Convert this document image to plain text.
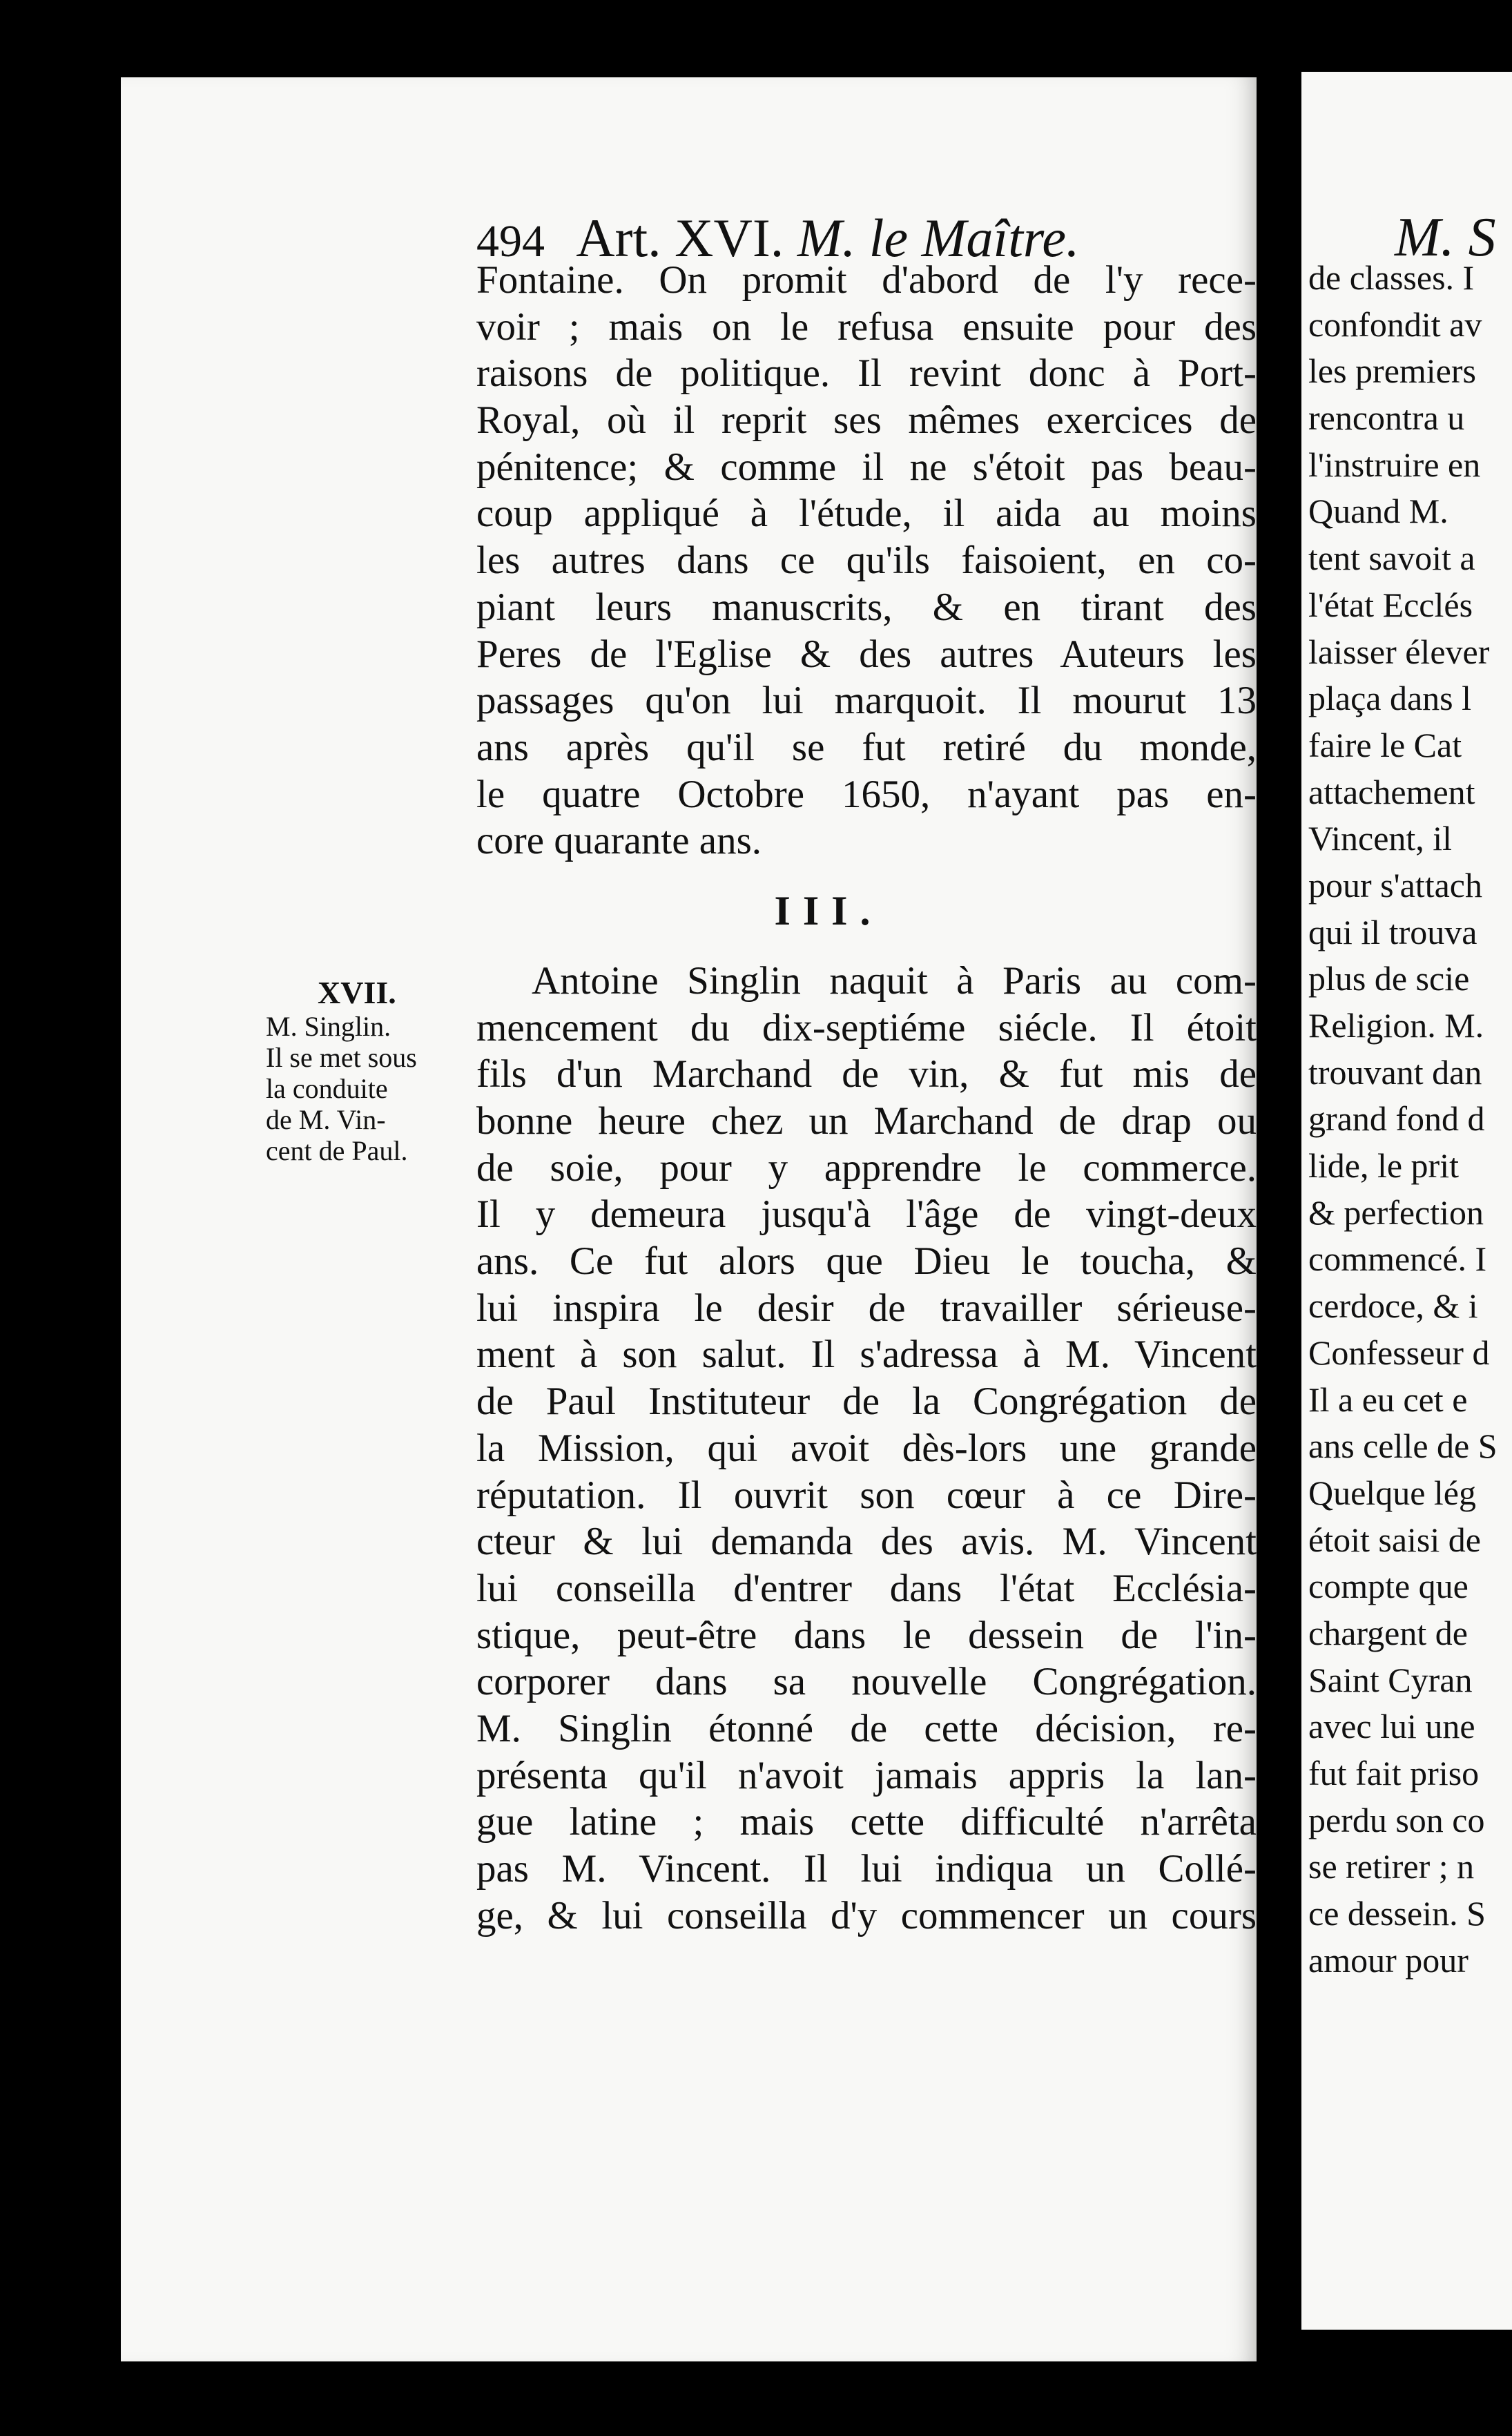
M. S
de classes. I
confondit av
les premiers
rencontra u
l'instruire en
Quand M.
tent savoit a
l'état Ecclés
laisser élever
plaça dans l
faire le Cat
attachement
Vincent, il
pour s'attach
qui il trouva
plus de scie
Religion. M.
trouvant dan
grand fond d
lide, le prit
& perfection
commencé. I
cerdoce, & i
Confesseur d
Il a eu cet e
ans celle de S
Quelque lég
étoit saisi de
compte que
chargent de
Saint Cyran
avec lui une
fut fait priso
perdu son co
se retirer ; n
ce dessein. S
amour pour
494 Art. XVI. M. le Maître.
Fontaine. On promit d'abord de l'y rece-
voir ; mais on le refusa ensuite pour des
raisons de politique. Il revint donc à Port-
Royal, où il reprit ses mêmes exercices de
pénitence; & comme il ne s'étoit pas beau-
coup appliqué à l'étude, il aida au moins
les autres dans ce qu'ils faisoient, en co-
piant leurs manuscrits, & en tirant des
Peres de l'Eglise & des autres Auteurs les
passages qu'on lui marquoit. Il mourut 13
ans après qu'il se fut retiré du monde,
le quatre Octobre 1650, n'ayant pas en-
core quarante ans.
III.
Antoine Singlin naquit à Paris au com-
mencement du dix-septiéme siécle. Il étoit
fils d'un Marchand de vin, & fut mis de
bonne heure chez un Marchand de drap ou
de soie, pour y apprendre le commerce.
Il y demeura jusqu'à l'âge de vingt-deux
ans. Ce fut alors que Dieu le toucha, &
lui inspira le desir de travailler sérieuse-
ment à son salut. Il s'adressa à M. Vincent
de Paul Instituteur de la Congrégation de
la Mission, qui avoit dès-lors une grande
réputation. Il ouvrit son cœur à ce Dire-
cteur & lui demanda des avis. M. Vincent
lui conseilla d'entrer dans l'état Ecclésia-
stique, peut-être dans le dessein de l'in-
corporer dans sa nouvelle Congrégation.
M. Singlin étonné de cette décision, re-
présenta qu'il n'avoit jamais appris la lan-
gue latine ; mais cette difficulté n'arrêta
pas M. Vincent. Il lui indiqua un Collé-
ge, & lui conseilla d'y commencer un cours
XVII.
M. Singlin.
Il se met sous
la conduite
de M. Vin-
cent de Paul.
